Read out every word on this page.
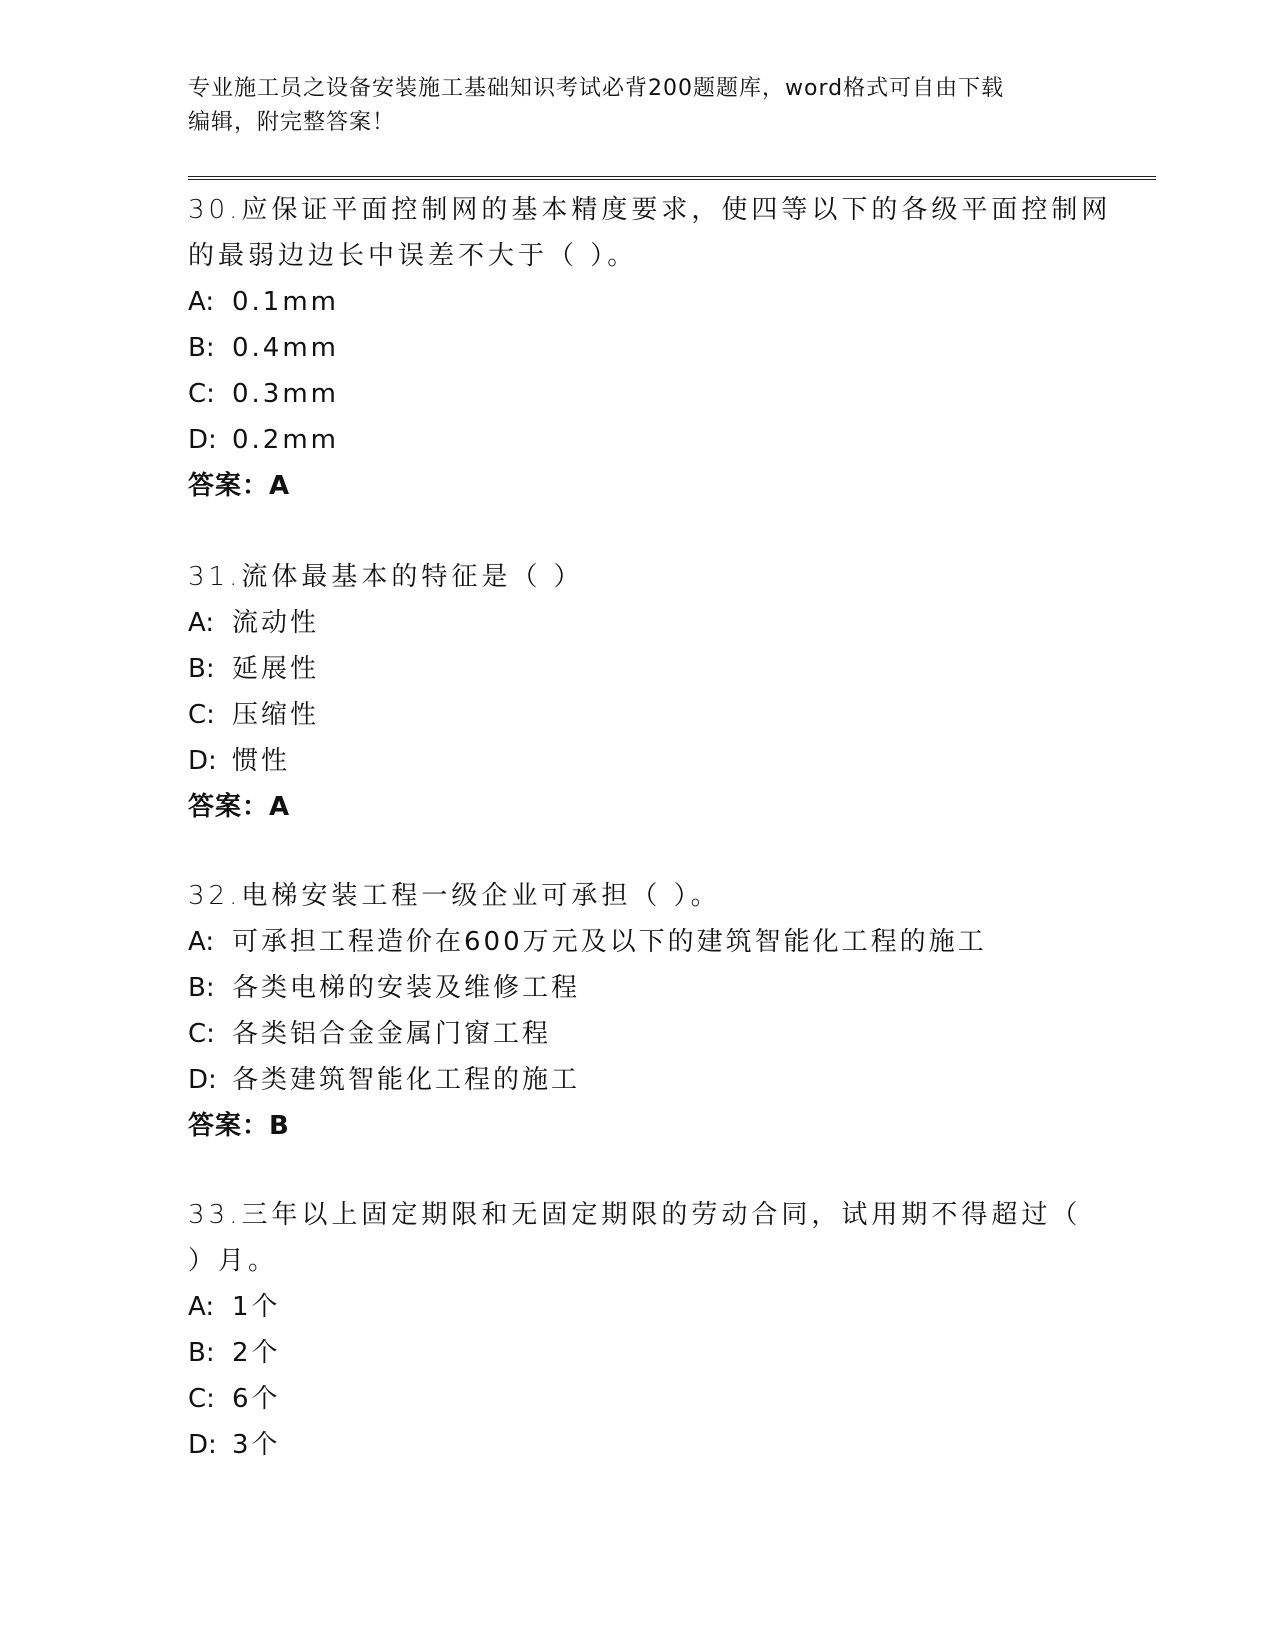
专业施工员之设备安装施工基础知识考试必背200题题库，word格式可自由下载
编辑，附完整答案！
30.应保证平面控制网的基本精度要求，使四等以下的各级平面控制网
的最弱边边长中误差不大于（ ）。
A: 0.1mm
B: 0.4mm
C: 0.3mm
D: 0.2mm
答案：A
31.流体最基本的特征是（ ）
A: 流动性
B: 延展性
C: 压缩性
D: 惯性
答案：A
32.电梯安装工程一级企业可承担（ ）。
A: 可承担工程造价在600万元及以下的建筑智能化工程的施工
B: 各类电梯的安装及维修工程
C: 各类铝合金金属门窗工程
D: 各类建筑智能化工程的施工
答案：B
33.三年以上固定期限和无固定期限的劳动合同，试用期不得超过（
）月。
A: 1个
B: 2个
C: 6个
D: 3个
